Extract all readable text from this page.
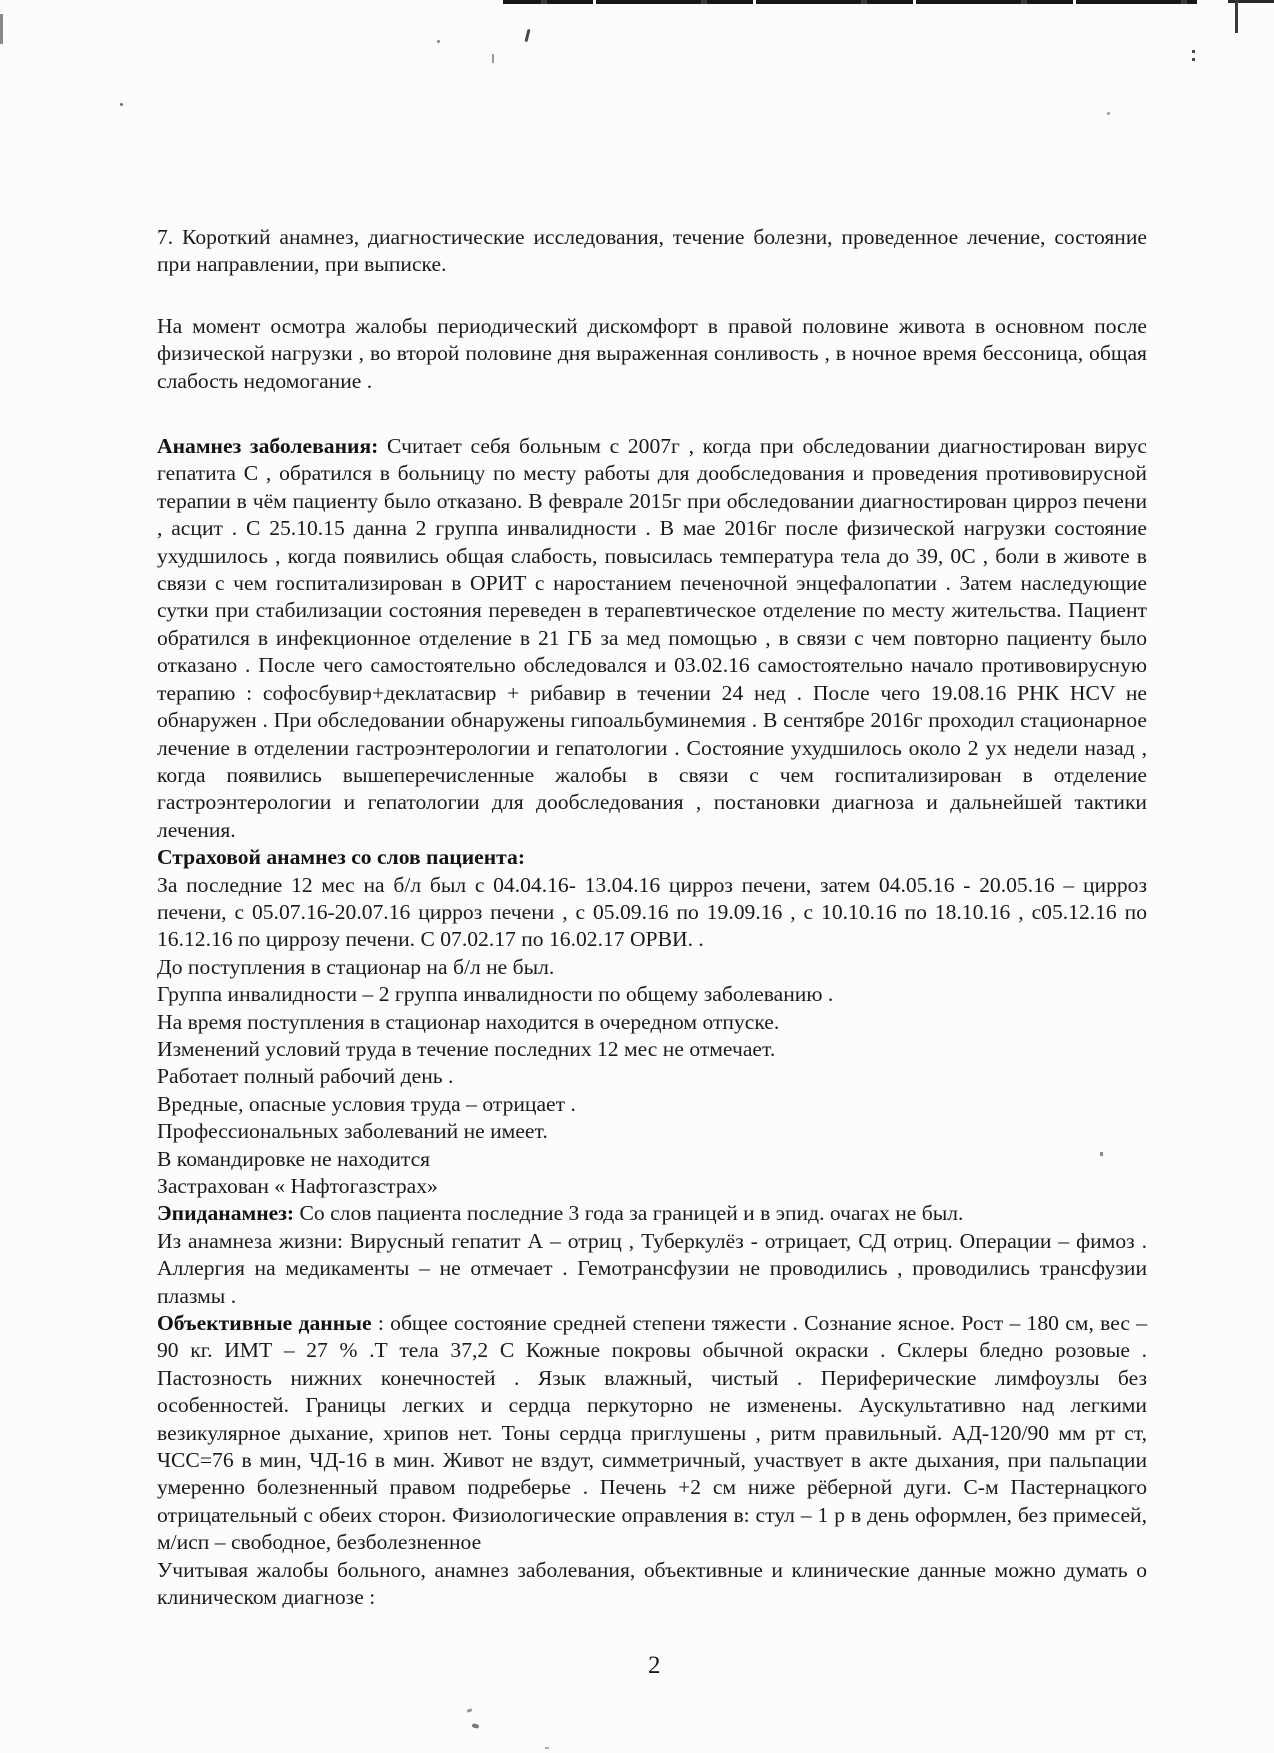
7. Короткий анамнез, диагностические исследования, течение болезни, проведенное лечение, состояние при направлении, при выписке.

На момент осмотра жалобы периодический дискомфорт в правой половине живота в основном после физической нагрузки , во второй половине дня выраженная сонливость , в ночное время бессоница, общая слабость недомогание .

Анамнез заболевания: Считает себя больным с 2007г , когда при обследовании диагностирован вирус гепатита С , обратился в больницу по месту работы для дообследования и проведения противовирусной терапии в чём пациенту было отказано. В феврале 2015г при обследовании диагностирован цирроз печени , асцит . С 25.10.15 данна 2 группа инвалидности . В мае 2016г после физической нагрузки состояние ухудшилось , когда появились общая слабость, повысилась температура тела до 39, 0С , боли в животе в связи с чем госпитализирован в ОРИТ с наростанием печеночной энцефалопатии . Затем наследующие сутки при стабилизации состояния переведен в терапевтическое отделение по месту жительства. Пациент обратился в инфекционное отделение в 21 ГБ за мед помощью , в связи с чем повторно пациенту было отказано . После чего самостоятельно обследовался и 03.02.16 самостоятельно начало противовирусную терапию : софосбувир+деклатасвир + рибавир в течении 24 нед . После чего 19.08.16 РНК HCV не обнаружен . При обследовании обнаружены гипоальбуминемия . В сентябре 2016г проходил стационарное лечение в отделении гастроэнтерологии и гепатологии . Состояние ухудшилось около 2 ух недели назад , когда появились вышеперечисленные жалобы в связи с чем госпитализирован в отделение гастроэнтерологии и гепатологии для дообследования , постановки диагноза и дальнейшей тактики лечения.

Страховой анамнез со слов пациента:

За последние 12 мес на б/л был с 04.04.16- 13.04.16 цирроз печени, затем 04.05.16 - 20.05.16 – цирроз печени, с 05.07.16-20.07.16 цирроз печени , с 05.09.16 по 19.09.16 , с 10.10.16 по 18.10.16 , с05.12.16 по 16.12.16 по циррозу печени. С 07.02.17 по 16.02.17 ОРВИ. .

До поступления в стационар на б/л не был.

Группа инвалидности – 2 группа инвалидности по общему заболеванию .

На время поступления в стационар находится в очередном отпуске.

Изменений условий труда в течение последних 12 мес не отмечает.

Работает полный рабочий день .

Вредные, опасные условия труда – отрицает .

Профессиональных заболеваний не имеет.

В командировке не находится

Застрахован « Нафтогазстрах»

Эпиданамнез: Со слов пациента последние 3 года за границей и в эпид. очагах не был.

Из анамнеза жизни: Вирусный гепатит А – отриц , Туберкулёз - отрицает, СД отриц. Операции – фимоз . Аллергия на медикаменты – не отмечает . Гемотрансфузии не проводились , проводились трансфузии плазмы .

Объективные данные : общее состояние средней степени тяжести . Сознание ясное. Рост – 180 см, вес – 90 кг. ИМТ – 27 % .Т тела 37,2 С Кожные покровы обычной окраски . Склеры бледно розовые . Пастозность нижних конечностей . Язык влажный, чистый . Периферические лимфоузлы без особенностей. Границы легких и сердца перкуторно не изменены. Аускультативно над легкими везикулярное дыхание, хрипов нет. Тоны сердца приглушены , ритм правильный. АД-120/90 мм рт ст, ЧСС=76 в мин, ЧД-16 в мин. Живот не вздут, симметричный, участвует в акте дыхания, при пальпации умеренно болезненный правом подреберье . Печень +2 см ниже рёберной дуги. С-м Пастернацкого отрицательный с обеих сторон. Физиологические оправления в: стул – 1 р в день оформлен, без примесей, м/исп – свободное, безболезненное

Учитывая жалобы больного, анамнез заболевания, объективные и клинические данные можно думать о клиническом диагнозе :

2
